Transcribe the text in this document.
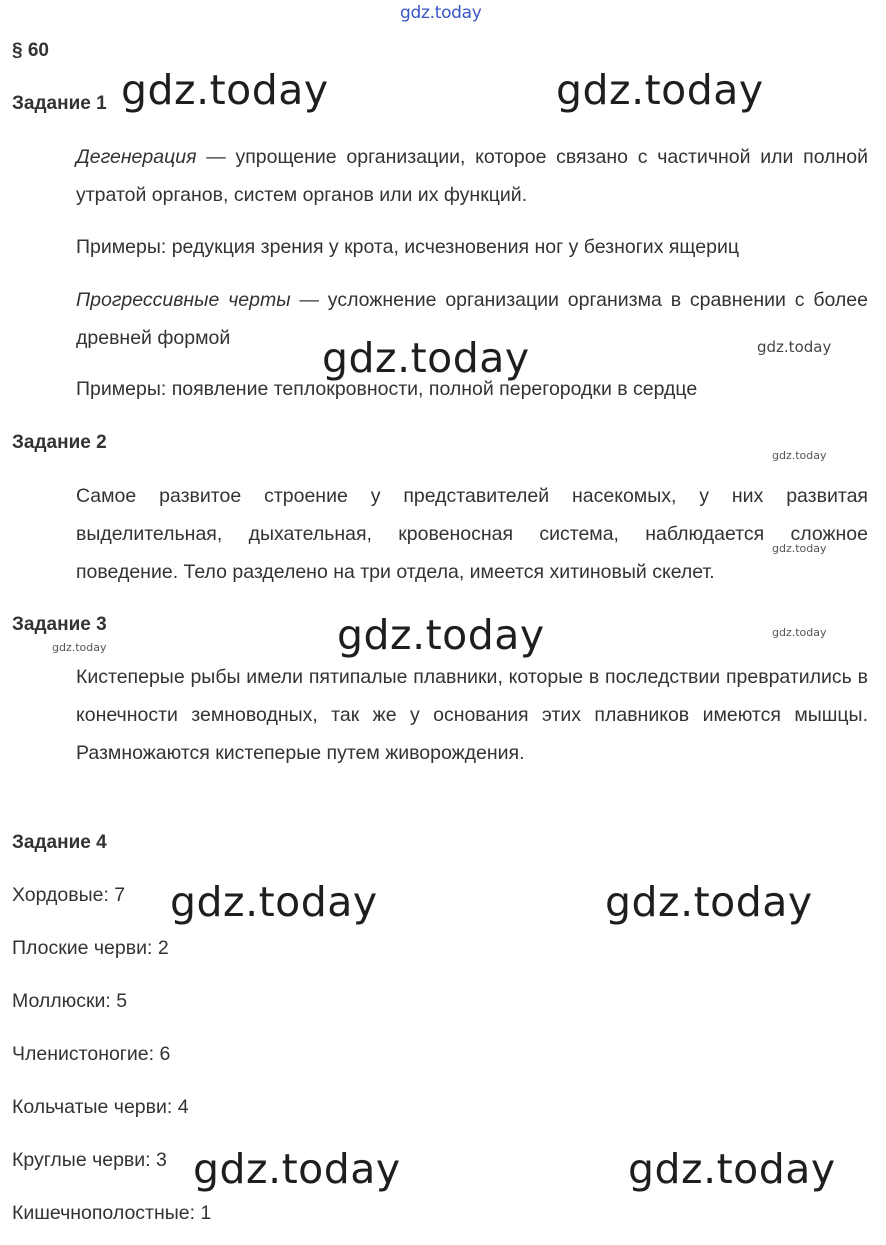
gdz.today
§ 60
Задание 1
Дегенерация — упрощение организации, которое связано с частичной или полной утратой органов, систем органов или их функций.
Примеры: редукция зрения у крота, исчезновения ног у безногих ящериц
Прогрессивные черты — усложнение организации организма в сравнении с более древней формой
Примеры: появление теплокровности, полной перегородки в сердце
Задание 2
Самое развитое строение у представителей насекомых, у них развитая выделительная, дыхательная, кровеносная система, наблюдается сложное поведение. Тело разделено на три отдела, имеется хитиновый скелет.
Задание 3
Кистеперые рыбы имели пятипалые плавники, которые в последствии превратились в конечности земноводных, так же у основания этих плавников имеются мышцы. Размножаются кистеперые путем живорождения.
Задание 4
Хордовые: 7
Плоские черви: 2
Моллюски: 5
Членистоногие: 6
Кольчатые черви: 4
Круглые черви: 3
Кишечнополостные: 1
gdz.today	gdz.today
gdz.today	gdz.today
gdz.today
gdz.today
gdz.today	gdz.today
gdz.today
gdz.today	gdz.today
gdz.today	gdz.today
